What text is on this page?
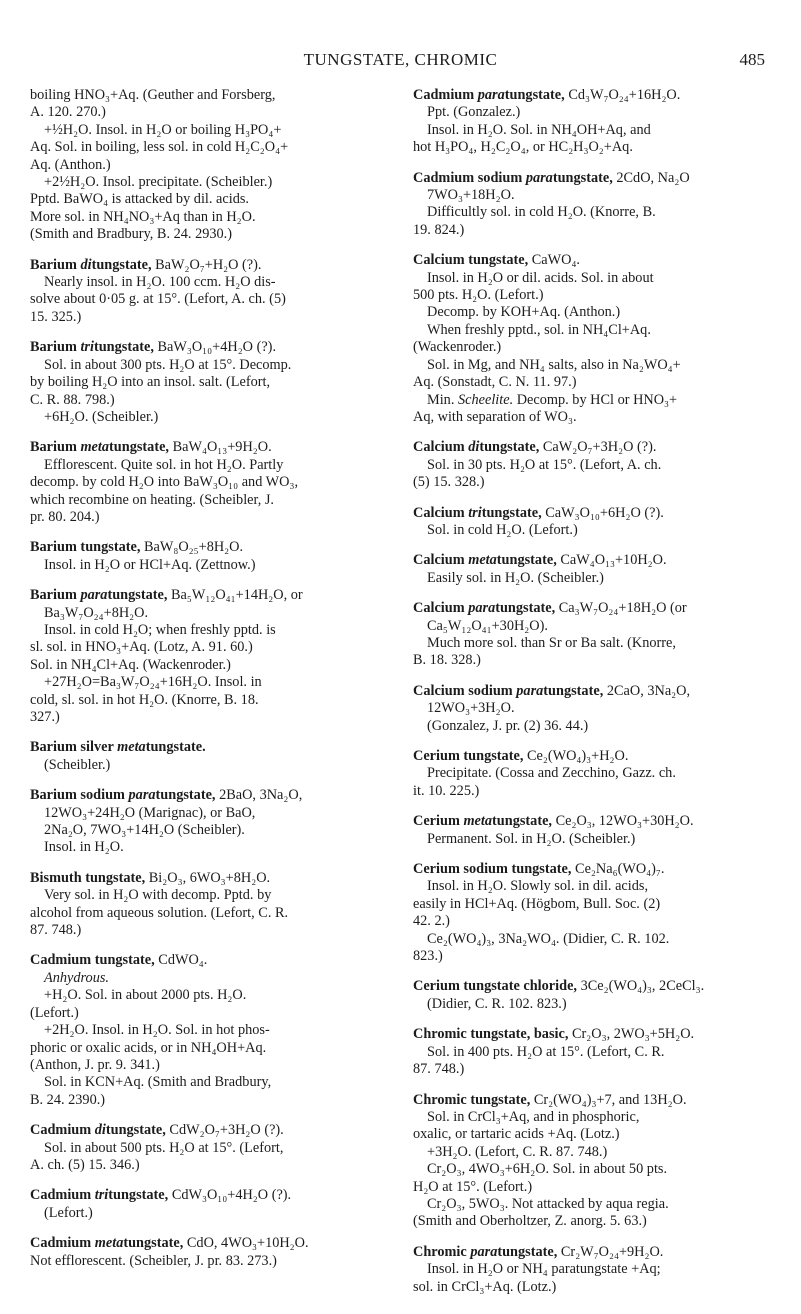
TUNGSTATE, CHROMIC	485
boiling HNO₃+Aq. (Geuther and Forsberg,
A. 120. 270.)
+½H₂O. Insol. in H₂O or boiling H₃PO₄+
Aq. Sol. in boiling, less sol. in cold H₂C₂O₄+
Aq. (Anthon.)
+2½H₂O. Insol. precipitate. (Scheibler.)
Pptd. BaWO₄ is attacked by dil. acids.
More sol. in NH₄NO₃+Aq than in H₂O.
(Smith and Bradbury, B. 24. 2930.)
Barium ditungstate, BaW₂O₇+H₂O (?).
Nearly insol. in H₂O. 100 ccm. H₂O dis-
solve about 0·05 g. at 15°. (Lefort, A. ch. (5)
15. 325.)
Barium tritungstate, BaW₃O₁₀+4H₂O (?).
Sol. in about 300 pts. H₂O at 15°. Decomp.
by boiling H₂O into an insol. salt. (Lefort,
C. R. 88. 798.)
+6H₂O. (Scheibler.)
Barium metatungstate, BaW₄O₁₃+9H₂O.
Efflorescent. Quite sol. in hot H₂O. Partly
decomp. by cold H₂O into BaW₃O₁₀ and WO₃,
which recombine on heating. (Scheibler, J.
pr. 80. 204.)
Barium tungstate, BaW₈O₂₅+8H₂O.
Insol. in H₂O or HCl+Aq. (Zettnow.)
Barium paratungstate, Ba₅W₁₂O₄₁+14H₂O, or
Ba₃W₇O₂₄+8H₂O.
Insol. in cold H₂O; when freshly pptd. is
sl. sol. in HNO₃+Aq. (Lotz, A. 91. 60.)
Sol. in NH₄Cl+Aq. (Wackenroder.)
+27H₂O=Ba₃W₇O₂₄+16H₂O. Insol. in
cold, sl. sol. in hot H₂O. (Knorre, B. 18.
327.)
Barium silver metatungstate.
(Scheibler.)
Barium sodium paratungstate, 2BaO, 3Na₂O,
12WO₃+24H₂O (Marignac), or BaO,
2Na₂O, 7WO₃+14H₂O (Scheibler).
Insol. in H₂O.
Bismuth tungstate, Bi₂O₃, 6WO₃+8H₂O.
Very sol. in H₂O with decomp. Pptd. by
alcohol from aqueous solution. (Lefort, C. R.
87. 748.)
Cadmium tungstate, CdWO₄.
Anhydrous.
+H₂O. Sol. in about 2000 pts. H₂O.
(Lefort.)
+2H₂O. Insol. in H₂O. Sol. in hot phos-
phoric or oxalic acids, or in NH₄OH+Aq.
(Anthon, J. pr. 9. 341.)
Sol. in KCN+Aq. (Smith and Bradbury,
B. 24. 2390.)
Cadmium ditungstate, CdW₂O₇+3H₂O (?).
Sol. in about 500 pts. H₂O at 15°. (Lefort,
A. ch. (5) 15. 346.)
Cadmium tritungstate, CdW₃O₁₀+4H₂O (?).
(Lefort.)
Cadmium metatungstate, CdO, 4WO₃+10H₂O.
Not efflorescent. (Scheibler, J. pr. 83. 273.)
Cadmium paratungstate, Cd₃W₇O₂₄+16H₂O.
Ppt. (Gonzalez.)
Insol. in H₂O. Sol. in NH₄OH+Aq, and
hot H₃PO₄, H₂C₂O₄, or HC₂H₃O₂+Aq.
Cadmium sodium paratungstate, 2CdO, Na₂O
7WO₃+18H₂O.
Difficultly sol. in cold H₂O. (Knorre, B.
19. 824.)
Calcium tungstate, CaWO₄.
Insol. in H₂O or dil. acids. Sol. in about
500 pts. H₂O. (Lefort.)
Decomp. by KOH+Aq. (Anthon.)
When freshly pptd., sol. in NH₄Cl+Aq.
(Wackenroder.)
Sol. in Mg, and NH₄ salts, also in Na₂WO₄+
Aq. (Sonstadt, C. N. 11. 97.)
Min. Scheelite. Decomp. by HCl or HNO₃+
Aq, with separation of WO₃.
Calcium ditungstate, CaW₂O₇+3H₂O (?).
Sol. in 30 pts. H₂O at 15°. (Lefort, A. ch.
(5) 15. 328.)
Calcium tritungstate, CaW₃O₁₀+6H₂O (?).
Sol. in cold H₂O. (Lefort.)
Calcium metatungstate, CaW₄O₁₃+10H₂O.
Easily sol. in H₂O. (Scheibler.)
Calcium paratungstate, Ca₃W₇O₂₄+18H₂O (or
Ca₅W₁₂O₄₁+30H₂O).
Much more sol. than Sr or Ba salt. (Knorre,
B. 18. 328.)
Calcium sodium paratungstate, 2CaO, 3Na₂O,
12WO₃+3H₂O.
(Gonzalez, J. pr. (2) 36. 44.)
Cerium tungstate, Ce₂(WO₄)₃+H₂O.
Precipitate. (Cossa and Zecchino, Gazz. ch.
it. 10. 225.)
Cerium metatungstate, Ce₂O₃, 12WO₃+30H₂O.
Permanent. Sol. in H₂O. (Scheibler.)
Cerium sodium tungstate, Ce₂Na₆(WO₄)₇.
Insol. in H₂O. Slowly sol. in dil. acids,
easily in HCl+Aq. (Högbom, Bull. Soc. (2)
42. 2.)
Ce₂(WO₄)₃, 3Na₂WO₄. (Didier, C. R. 102.
823.)
Cerium tungstate chloride, 3Ce₂(WO₄)₃, 2CeCl₃.
(Didier, C. R. 102. 823.)
Chromic tungstate, basic, Cr₂O₃, 2WO₃+5H₂O.
Sol. in 400 pts. H₂O at 15°. (Lefort, C. R.
87. 748.)
Chromic tungstate, Cr₂(WO₄)₃+7, and 13H₂O.
Sol. in CrCl₃+Aq, and in phosphoric,
oxalic, or tartaric acids +Aq. (Lotz.)
+3H₂O. (Lefort, C. R. 87. 748.)
Cr₂O₃, 4WO₃+6H₂O. Sol. in about 50 pts.
H₂O at 15°. (Lefort.)
Cr₂O₃, 5WO₃. Not attacked by aqua regia.
(Smith and Oberholtzer, Z. anorg. 5. 63.)
Chromic paratungstate, Cr₂W₇O₂₄+9H₂O.
Insol. in H₂O or NH₄ paratungstate +Aq;
sol. in CrCl₃+Aq. (Lotz.)
